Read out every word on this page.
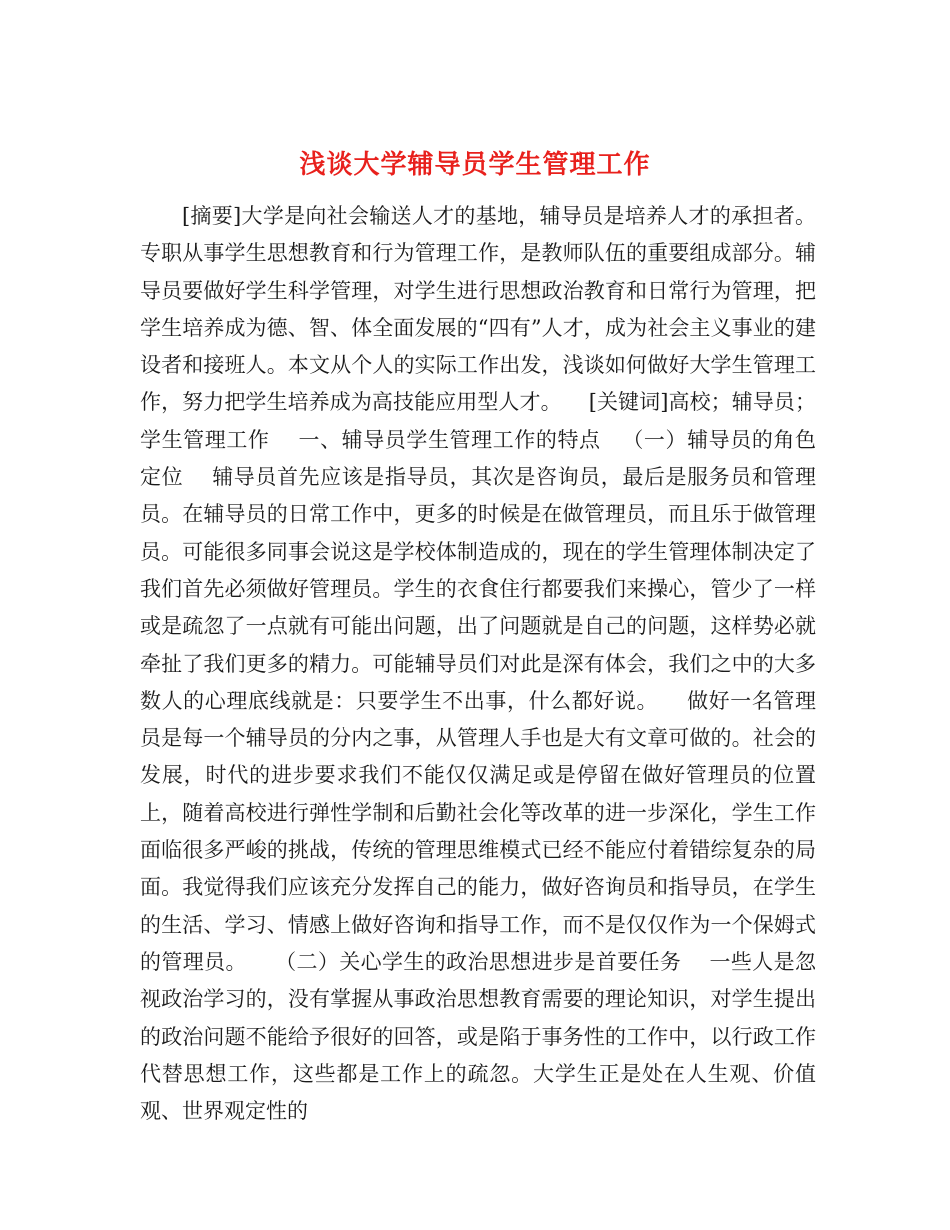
浅谈大学辅导员学生管理工作
[摘要]大学是向社会输送人才的基地，辅导员是培养人才的承担者。专职从事学生思想教育和行为管理工作，是教师队伍的重要组成部分。辅导员要做好学生科学管理，对学生进行思想政治教育和日常行为管理，把学生培养成为德、智、体全面发展的“四有”人才，成为社会主义事业的建设者和接班人。本文从个人的实际工作出发，浅谈如何做好大学生管理工作，努力把学生培养成为高技能应用型人才。    [关键词]高校；辅导员；学生管理工作    一、辅导员学生管理工作的特点   （一）辅导员的角色定位    辅导员首先应该是指导员，其次是咨询员，最后是服务员和管理员。在辅导员的日常工作中，更多的时候是在做管理员，而且乐于做管理员。可能很多同事会说这是学校体制造成的，现在的学生管理体制决定了我们首先必须做好管理员。学生的衣食住行都要我们来操心，管少了一样或是疏忽了一点就有可能出问题，出了问题就是自己的问题，这样势必就牵扯了我们更多的精力。可能辅导员们对此是深有体会，我们之中的大多数人的心理底线就是：只要学生不出事，什么都好说。    做好一名管理员是每一个辅导员的分内之事，从管理人手也是大有文章可做的。社会的发展，时代的进步要求我们不能仅仅满足或是停留在做好管理员的位置上，随着高校进行弹性学制和后勤社会化等改革的进一步深化，学生工作面临很多严峻的挑战，传统的管理思维模式已经不能应付着错综复杂的局面。我觉得我们应该充分发挥自己的能力，做好咨询员和指导员，在学生的生活、学习、情感上做好咨询和指导工作，而不是仅仅作为一个保姆式的管理员。    （二）关心学生的政治思想进步是首要任务    一些人是忽视政治学习的，没有掌握从事政治思想教育需要的理论知识，对学生提出的政治问题不能给予很好的回答，或是陷于事务性的工作中，以行政工作代替思想工作，这些都是工作上的疏忽。大学生正是处在人生观、价值观、世界观定性的
